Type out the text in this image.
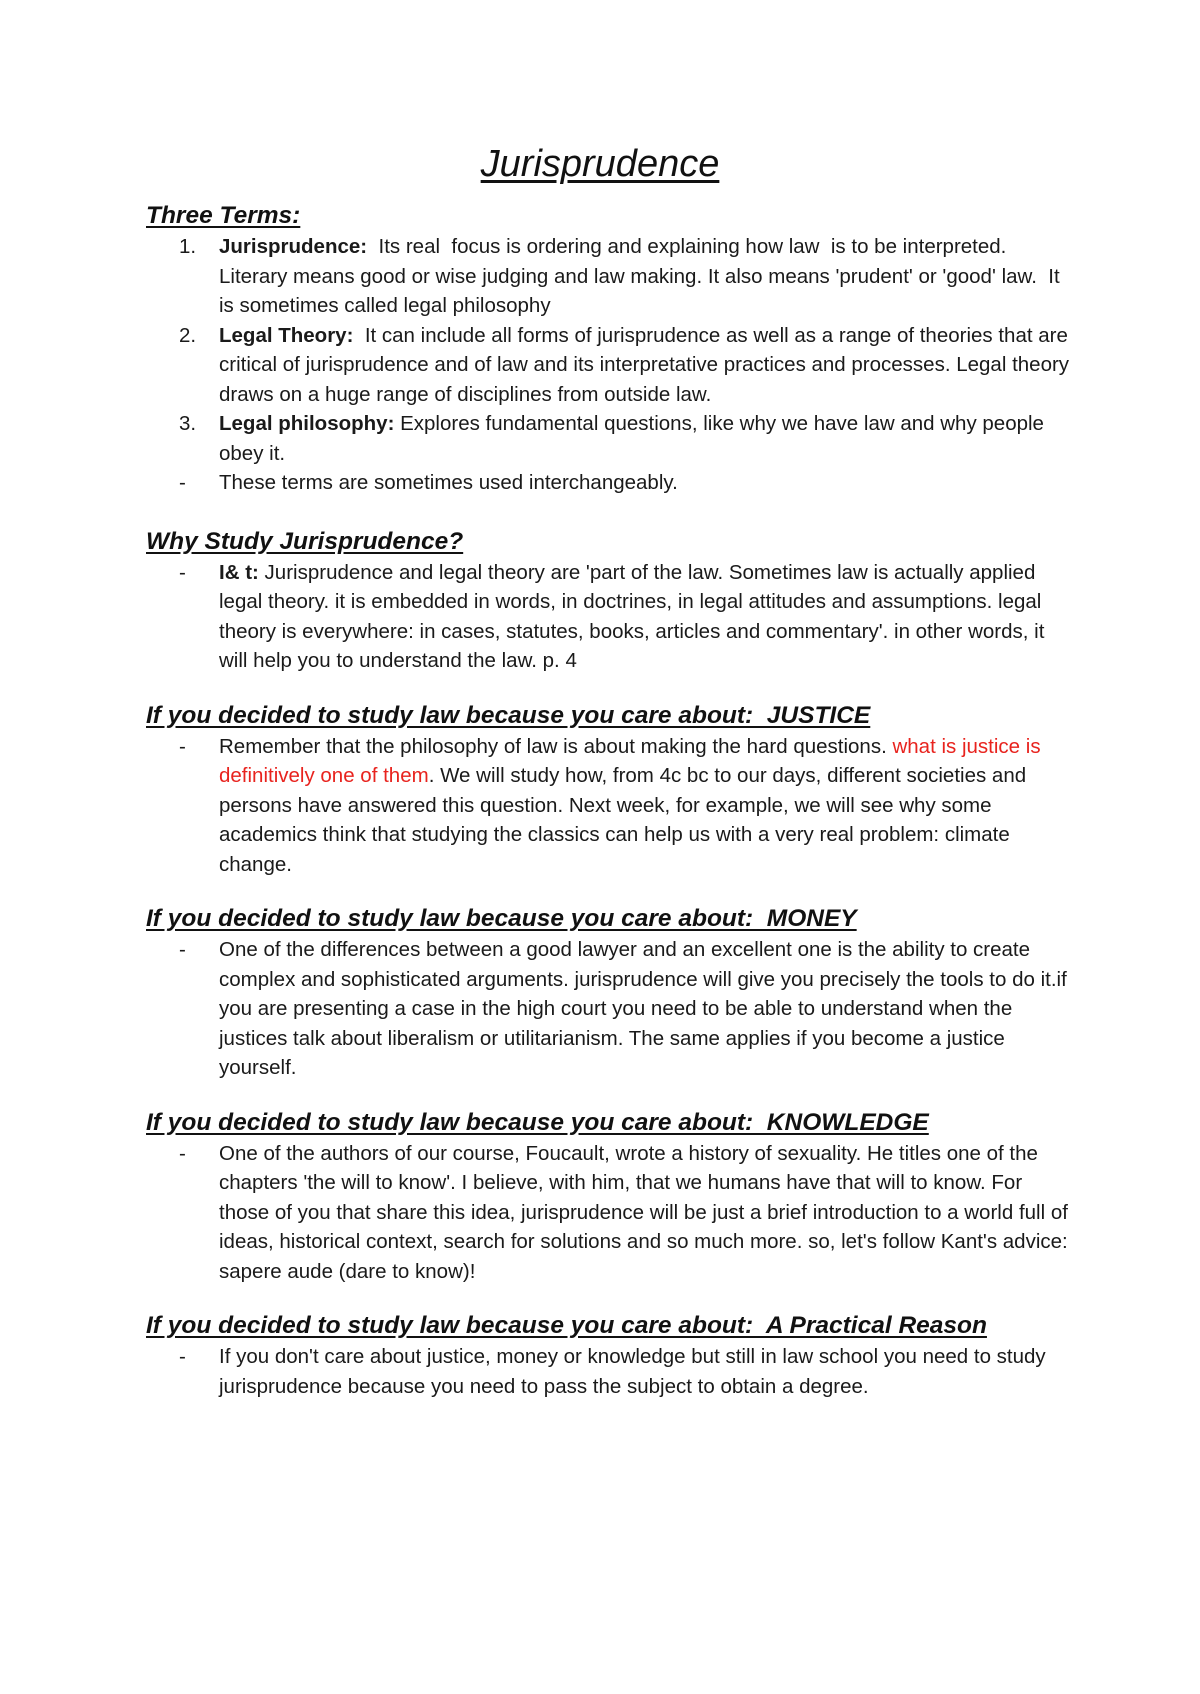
Jurisprudence
Three Terms:
1.	Jurisprudence:  Its real  focus is ordering and explaining how law  is to be interpreted. Literary means good or wise judging and law making. It also means 'prudent' or 'good' law.  It is sometimes called legal philosophy
2.	Legal Theory:  It can include all forms of jurisprudence as well as a range of theories that are critical of jurisprudence and of law and its interpretative practices and processes. Legal theory draws on a huge range of disciplines from outside law.
3.	Legal philosophy: Explores fundamental questions, like why we have law and why people obey it.
-	These terms are sometimes used interchangeably.
Why Study Jurisprudence?
-	I& t: Jurisprudence and legal theory are 'part of the law. Sometimes law is actually applied legal theory. it is embedded in words, in doctrines, in legal attitudes and assumptions. legal theory is everywhere: in cases, statutes, books, articles and commentary'. in other words, it will help you to understand the law. p. 4
If you decided to study law because you care about:  JUSTICE
-	Remember that the philosophy of law is about making the hard questions. what is justice is definitively one of them. We will study how, from 4c bc to our days, different societies and persons have answered this question. Next week, for example, we will see why some academics think that studying the classics can help us with a very real problem: climate change.
If you decided to study law because you care about:  MONEY
-	One of the differences between a good lawyer and an excellent one is the ability to create complex and sophisticated arguments. jurisprudence will give you precisely the tools to do it.if you are presenting a case in the high court you need to be able to understand when the justices talk about liberalism or utilitarianism. The same applies if you become a justice yourself.
If you decided to study law because you care about:  KNOWLEDGE
-	One of the authors of our course, Foucault, wrote a history of sexuality. He titles one of the chapters 'the will to know'. I believe, with him, that we humans have that will to know. For those of you that share this idea, jurisprudence will be just a brief introduction to a world full of ideas, historical context, search for solutions and so much more. so, let's follow Kant's advice: sapere aude (dare to know)!
If you decided to study law because you care about:  A Practical Reason
-	If you don't care about justice, money or knowledge but still in law school you need to study jurisprudence because you need to pass the subject to obtain a degree.
